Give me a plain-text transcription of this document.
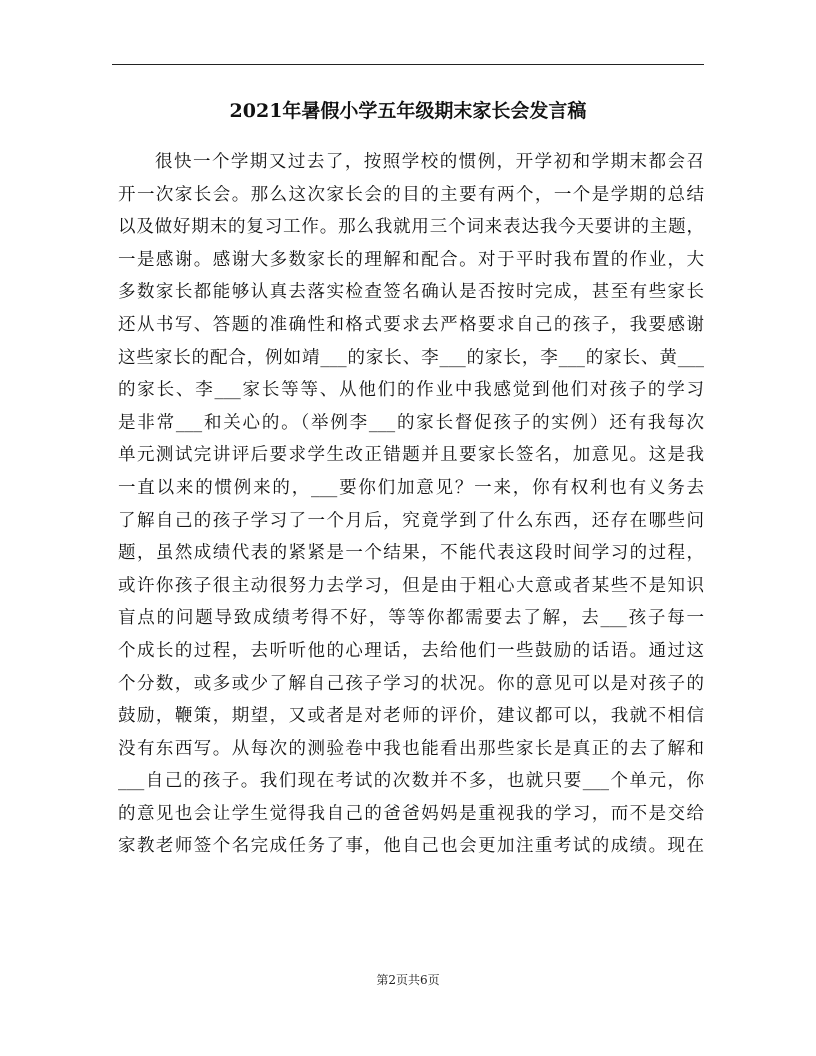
2021年暑假小学五年级期末家长会发言稿
很快一个学期又过去了，按照学校的惯例，开学初和学期末都会召
开一次家长会。那么这次家长会的目的主要有两个，一个是学期的总结
以及做好期末的复习工作。那么我就用三个词来表达我今天要讲的主题，
一是感谢。感谢大多数家长的理解和配合。对于平时我布置的作业，大
多数家长都能够认真去落实检查签名确认是否按时完成，甚至有些家长
还从书写、答题的准确性和格式要求去严格要求自己的孩子，我要感谢
这些家长的配合，例如靖___的家长、李___的家长，李___的家长、黄___
的家长、李___家长等等、从他们的作业中我感觉到他们对孩子的学习
是非常___和关心的。（举例李___的家长督促孩子的实例）还有我每次
单元测试完讲评后要求学生改正错题并且要家长签名，加意见。这是我
一直以来的惯例来的，___要你们加意见？一来，你有权利也有义务去
了解自己的孩子学习了一个月后，究竟学到了什么东西，还存在哪些问
题，虽然成绩代表的紧紧是一个结果，不能代表这段时间学习的过程，
或许你孩子很主动很努力去学习，但是由于粗心大意或者某些不是知识
盲点的问题导致成绩考得不好，等等你都需要去了解，去___孩子每一
个成长的过程，去听听他的心理话，去给他们一些鼓励的话语。通过这
个分数，或多或少了解自己孩子学习的状况。你的意见可以是对孩子的
鼓励，鞭策，期望，又或者是对老师的评价，建议都可以，我就不相信
没有东西写。从每次的测验卷中我也能看出那些家长是真正的去了解和
___自己的孩子。我们现在考试的次数并不多，也就只要___个单元，你
的意见也会让学生觉得我自己的爸爸妈妈是重视我的学习，而不是交给
家教老师签个名完成任务了事，他自己也会更加注重考试的成绩。现在
第2页共6页
